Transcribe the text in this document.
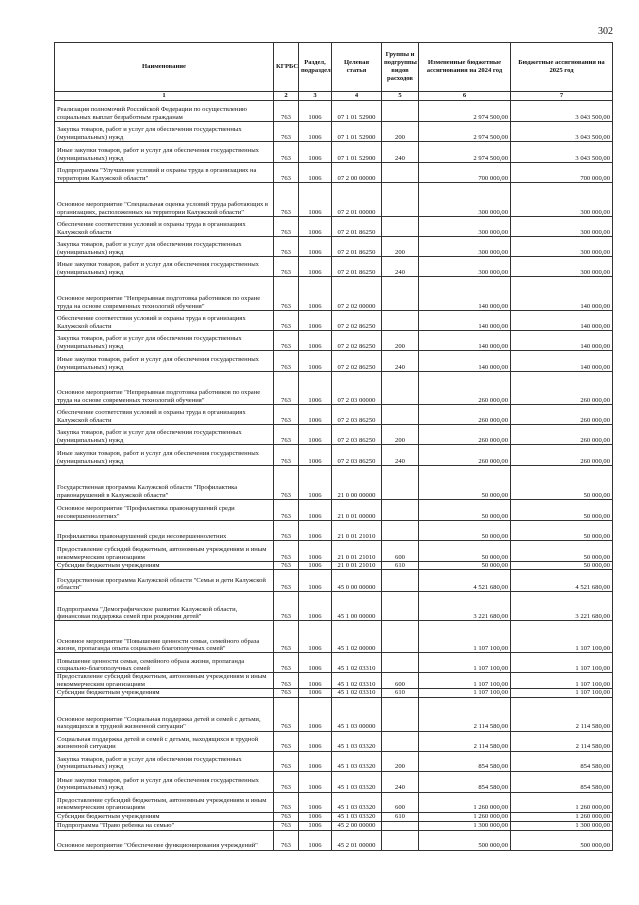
302
Наименование	КГРБС	Раздел, подраздел	Целевая статья	Группы и подгруппы видов расходов	Измененные бюджетные ассигнования на 2024 год	Бюджетные ассигнования на 2025 год
1	2	3	4	5	6	7
Реализация полномочий Российской Федерации по осуществлению социальных выплат безработным гражданам	763	1006	07 1 01 52900		2 974 500,00	3 043 500,00
Закупка товаров, работ и услуг для обеспечения государственных (муниципальных) нужд	763	1006	07 1 01 52900	200	2 974 500,00	3 043 500,00
Иные закупки товаров, работ и услуг для обеспечения государственных (муниципальных) нужд	763	1006	07 1 01 52900	240	2 974 500,00	3 043 500,00
Подпрограмма "Улучшение условий и охраны труда в организациях на территории Калужской области"	763	1006	07 2 00 00000		700 000,00	700 000,00
Основное мероприятие "Специальная оценка условий труда работающих в организациях, расположенных на территории Калужской области"	763	1006	07 2 01 00000		300 000,00	300 000,00
Обеспечение соответствия условий и охраны труда в организациях Калужской области	763	1006	07 2 01 86250		300 000,00	300 000,00
Закупка товаров, работ и услуг для обеспечения государственных (муниципальных) нужд	763	1006	07 2 01 86250	200	300 000,00	300 000,00
Иные закупки товаров, работ и услуг для обеспечения государственных (муниципальных) нужд	763	1006	07 2 01 86250	240	300 000,00	300 000,00
Основное мероприятие "Непрерывная подготовка работников по охране труда на основе современных технологий обучения"	763	1006	07 2 02 00000		140 000,00	140 000,00
Обеспечение соответствия условий и охраны труда в организациях Калужской области	763	1006	07 2 02 86250		140 000,00	140 000,00
Закупка товаров, работ и услуг для обеспечения государственных (муниципальных) нужд	763	1006	07 2 02 86250	200	140 000,00	140 000,00
Иные закупки товаров, работ и услуг для обеспечения государственных (муниципальных) нужд	763	1006	07 2 02 86250	240	140 000,00	140 000,00
Основное мероприятие "Непрерывная подготовка работников по охране труда на основе современных технологий обучения"	763	1006	07 2 03 00000		260 000,00	260 000,00
Обеспечение соответствия условий и охраны труда в организациях Калужской области	763	1006	07 2 03 86250		260 000,00	260 000,00
Закупка товаров, работ и услуг для обеспечения государственных (муниципальных) нужд	763	1006	07 2 03 86250	200	260 000,00	260 000,00
Иные закупки товаров, работ и услуг для обеспечения государственных (муниципальных) нужд	763	1006	07 2 03 86250	240	260 000,00	260 000,00
Государственная программа Калужской области "Профилактика правонарушений в Калужской области"	763	1006	21 0 00 00000		50 000,00	50 000,00
Основное мероприятие "Профилактика правонарушений среди несовершеннолетних"	763	1006	21 0 01 00000		50 000,00	50 000,00
Профилактика правонарушений среди несовершеннолетних	763	1006	21 0 01 21010		50 000,00	50 000,00
Предоставление субсидий бюджетным, автономным учреждениям и иным некоммерческим организациям	763	1006	21 0 01 21010	600	50 000,00	50 000,00
Субсидии бюджетным учреждениям	763	1006	21 0 01 21010	610	50 000,00	50 000,00
Государственная программа Калужской области "Семья и дети Калужской области"	763	1006	45 0 00 00000		4 521 680,00	4 521 680,00
Подпрограмма "Демографическое развитие Калужской области, финансовая поддержка семей при рождении детей"	763	1006	45 1 00 00000		3 221 680,00	3 221 680,00
Основное мероприятие "Повышение ценности семьи, семейного образа жизни, пропаганда опыта социально благополучных семей"	763	1006	45 1 02 00000		1 107 100,00	1 107 100,00
Повышение ценности семьи, семейного образа жизни, пропаганда социально-благополучных семей	763	1006	45 1 02 03310		1 107 100,00	1 107 100,00
Предоставление субсидий бюджетным, автономным учреждениям и иным некоммерческим организациям	763	1006	45 1 02 03310	600	1 107 100,00	1 107 100,00
Субсидии бюджетным учреждениям	763	1006	45 1 02 03310	610	1 107 100,00	1 107 100,00
Основное мероприятие "Социальная поддержка детей и семей с детьми, находящихся в трудной жизненной ситуации"	763	1006	45 1 03 00000		2 114 580,00	2 114 580,00
Социальная поддержка детей и семей с детьми, находящихся в трудной жизненной ситуации	763	1006	45 1 03 03320		2 114 580,00	2 114 580,00
Закупка товаров, работ и услуг для обеспечения государственных (муниципальных) нужд	763	1006	45 1 03 03320	200	854 580,00	854 580,00
Иные закупки товаров, работ и услуг для обеспечения государственных (муниципальных) нужд	763	1006	45 1 03 03320	240	854 580,00	854 580,00
Предоставление субсидий бюджетным, автономным учреждениям и иным некоммерческим организациям	763	1006	45 1 03 03320	600	1 260 000,00	1 260 000,00
Субсидии бюджетным учреждениям	763	1006	45 1 03 03320	610	1 260 000,00	1 260 000,00
Подпрограмма "Право ребенка на семью"	763	1006	45 2 00 00000		1 300 000,00	1 300 000,00
Основное мероприятие "Обеспечение функционирования учреждений"	763	1006	45 2 01 00000		500 000,00	500 000,00
